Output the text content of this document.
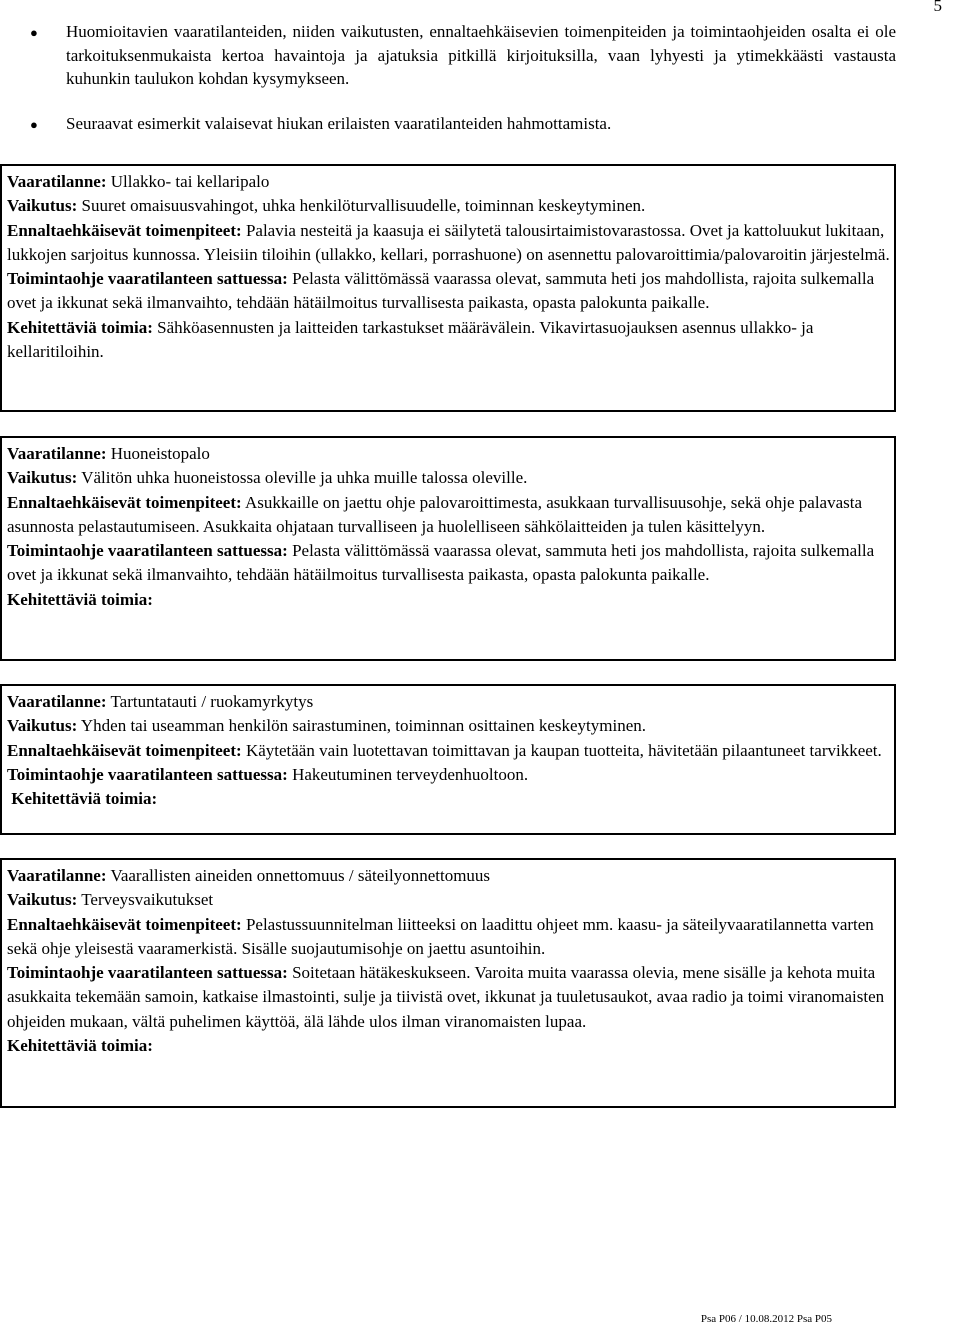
5
●	Huomioitavien vaaratilanteiden, niiden vaikutusten, ennaltaehkäisevien toimenpiteiden ja toimintaohjeiden osalta ei ole tarkoituksenmukaista kertoa havaintoja ja ajatuksia pitkillä kirjoituksilla, vaan lyhyesti ja ytimekkäästi vastausta kuhunkin taulukon kohdan kysymykseen.
●	Seuraavat esimerkit valaisevat hiukan erilaisten vaaratilanteiden hahmottamista.

Vaaratilanne: Ullakko- tai kellaripalo

Vaikutus: Suuret omaisuusvahingot, uhka henkilöturvallisuudelle, toiminnan keskeytyminen.

Ennaltaehkäisevät toimenpiteet: Palavia nesteitä ja kaasuja ei säilytetä talousirtaimistovarastossa. Ovet ja kattoluukut lukitaan, lukkojen sarjoitus kunnossa. Yleisiin tiloihin (ullakko, kellari, porrashuone) on asennettu palovaroittimia/palovaroitin järjestelmä.

Toimintaohje vaaratilanteen sattuessa: Pelasta välittömässä vaarassa olevat, sammuta heti jos mahdollista, rajoita sulkemalla ovet ja ikkunat sekä ilmanvaihto, tehdään hätäilmoitus turvallisesta paikasta, opasta palokunta paikalle.

Kehitettäviä toimia: Sähköasennusten ja laitteiden tarkastukset määrävälein. Vikavirtasuojauksen asennus ullakko- ja kellaritiloihin.

Vaaratilanne: Huoneistopalo

Vaikutus: Välitön uhka huoneistossa oleville ja uhka muille talossa oleville.

Ennaltaehkäisevät toimenpiteet: Asukkaille on jaettu ohje palovaroittimesta, asukkaan turvallisuusohje, sekä ohje palavasta asunnosta pelastautumiseen. Asukkaita ohjataan turvalliseen ja huolelliseen sähkölaitteiden ja tulen käsittelyyn.

Toimintaohje vaaratilanteen sattuessa: Pelasta välittömässä vaarassa olevat, sammuta heti jos mahdollista, rajoita sulkemalla ovet ja ikkunat sekä ilmanvaihto, tehdään hätäilmoitus turvallisesta paikasta, opasta palokunta paikalle.

Kehitettäviä toimia:

Vaaratilanne: Tartuntatauti / ruokamyrkytys

Vaikutus: Yhden tai useamman henkilön sairastuminen, toiminnan osittainen keskeytyminen.

Ennaltaehkäisevät toimenpiteet: Käytetään vain luotettavan toimittavan ja kaupan tuotteita, hävitetään pilaantuneet tarvikkeet.

Toimintaohje vaaratilanteen sattuessa: Hakeutuminen terveydenhuoltoon.

Kehitettäviä toimia:

Vaaratilanne: Vaarallisten aineiden onnettomuus / säteilyonnettomuus

Vaikutus: Terveysvaikutukset

Ennaltaehkäisevät toimenpiteet: Pelastussuunnitelman liitteeksi on laadittu ohjeet mm. kaasu- ja säteilyvaaratilannetta varten sekä ohje yleisestä vaaramerkistä. Sisälle suojautumisohje on jaettu asuntoihin.

Toimintaohje vaaratilanteen sattuessa: Soitetaan hätäkeskukseen. Varoita muita vaarassa olevia, mene sisälle ja kehota muita asukkaita tekemään samoin, katkaise ilmastointi, sulje ja tiivistä ovet, ikkunat ja tuuletusaukot, avaa radio ja toimi viranomaisten ohjeiden mukaan, vältä puhelimen käyttöä, älä lähde ulos ilman viranomaisten lupaa.

Kehitettäviä toimia:

Psa P06 / 10.08.2012 Psa P05
